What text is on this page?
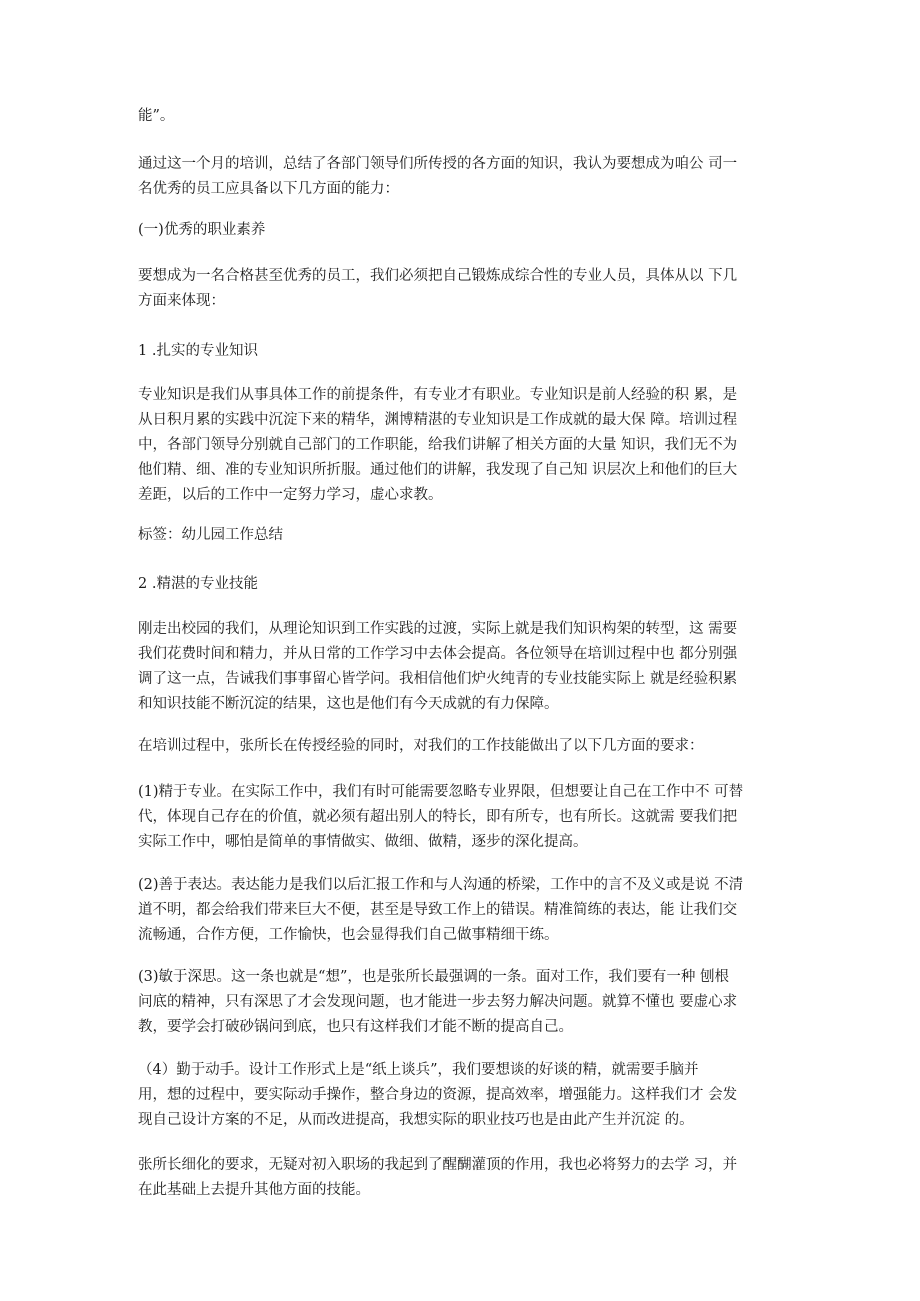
能”。

通过这一个月的培训，总结了各部门领导们所传授的各方面的知识，我认为要想成为咱公 司一
名优秀的员工应具备以下几方面的能力：

(一)优秀的职业素养

要想成为一名合格甚至优秀的员工，我们必须把自己锻炼成综合性的专业人员，具体从以 下几
方面来体现：

1 .扎实的专业知识

专业知识是我们从事具体工作的前提条件，有专业才有职业。专业知识是前人经验的积 累，是
从日积月累的实践中沉淀下来的精华，渊博精湛的专业知识是工作成就的最大保 障。培训过程
中，各部门领导分别就自己部门的工作职能，给我们讲解了相关方面的大量 知识，我们无不为
他们精、细、准的专业知识所折服。通过他们的讲解，我发现了自己知 识层次上和他们的巨大
差距，以后的工作中一定努力学习，虚心求教。

标签：幼儿园工作总结

2 .精湛的专业技能

刚走出校园的我们，从理论知识到工作实践的过渡，实际上就是我们知识构架的转型，这 需要
我们花费时间和精力，并从日常的工作学习中去体会提高。各位领导在培训过程中也 都分别强
调了这一点，告诫我们事事留心皆学问。我相信他们炉火纯青的专业技能实际上 就是经验积累
和知识技能不断沉淀的结果，这也是他们有今天成就的有力保障。

在培训过程中，张所长在传授经验的同时，对我们的工作技能做出了以下几方面的要求：

(1)精于专业。在实际工作中，我们有时可能需要忽略专业界限，但想要让自己在工作中不 可替
代，体现自己存在的价值，就必须有超出别人的特长，即有所专，也有所长。这就需 要我们把
实际工作中，哪怕是简单的事情做实、做细、做精，逐步的深化提高。

(2)善于表达。表达能力是我们以后汇报工作和与人沟通的桥梁，工作中的言不及义或是说 不清
道不明，都会给我们带来巨大不便，甚至是导致工作上的错误。精准简练的表达，能 让我们交
流畅通，合作方便，工作愉快，也会显得我们自己做事精细干练。

(3)敏于深思。这一条也就是“想”，也是张所长最强调的一条。面对工作，我们要有一种 刨根
问底的精神，只有深思了才会发现问题，也才能进一步去努力解决问题。就算不懂也 要虚心求
教，要学会打破砂锅问到底，也只有这样我们才能不断的提高自己。

（4）勤于动手。设计工作形式上是“纸上谈兵”，我们要想谈的好谈的精，就需要手脑并
用，想的过程中，要实际动手操作，整合身边的资源，提高效率，增强能力。这样我们才 会发
现自己设计方案的不足，从而改进提高，我想实际的职业技巧也是由此产生并沉淀 的。

张所长细化的要求，无疑对初入职场的我起到了醒醐灌顶的作用，我也必将努力的去学 习，并
在此基础上去提升其他方面的技能。
